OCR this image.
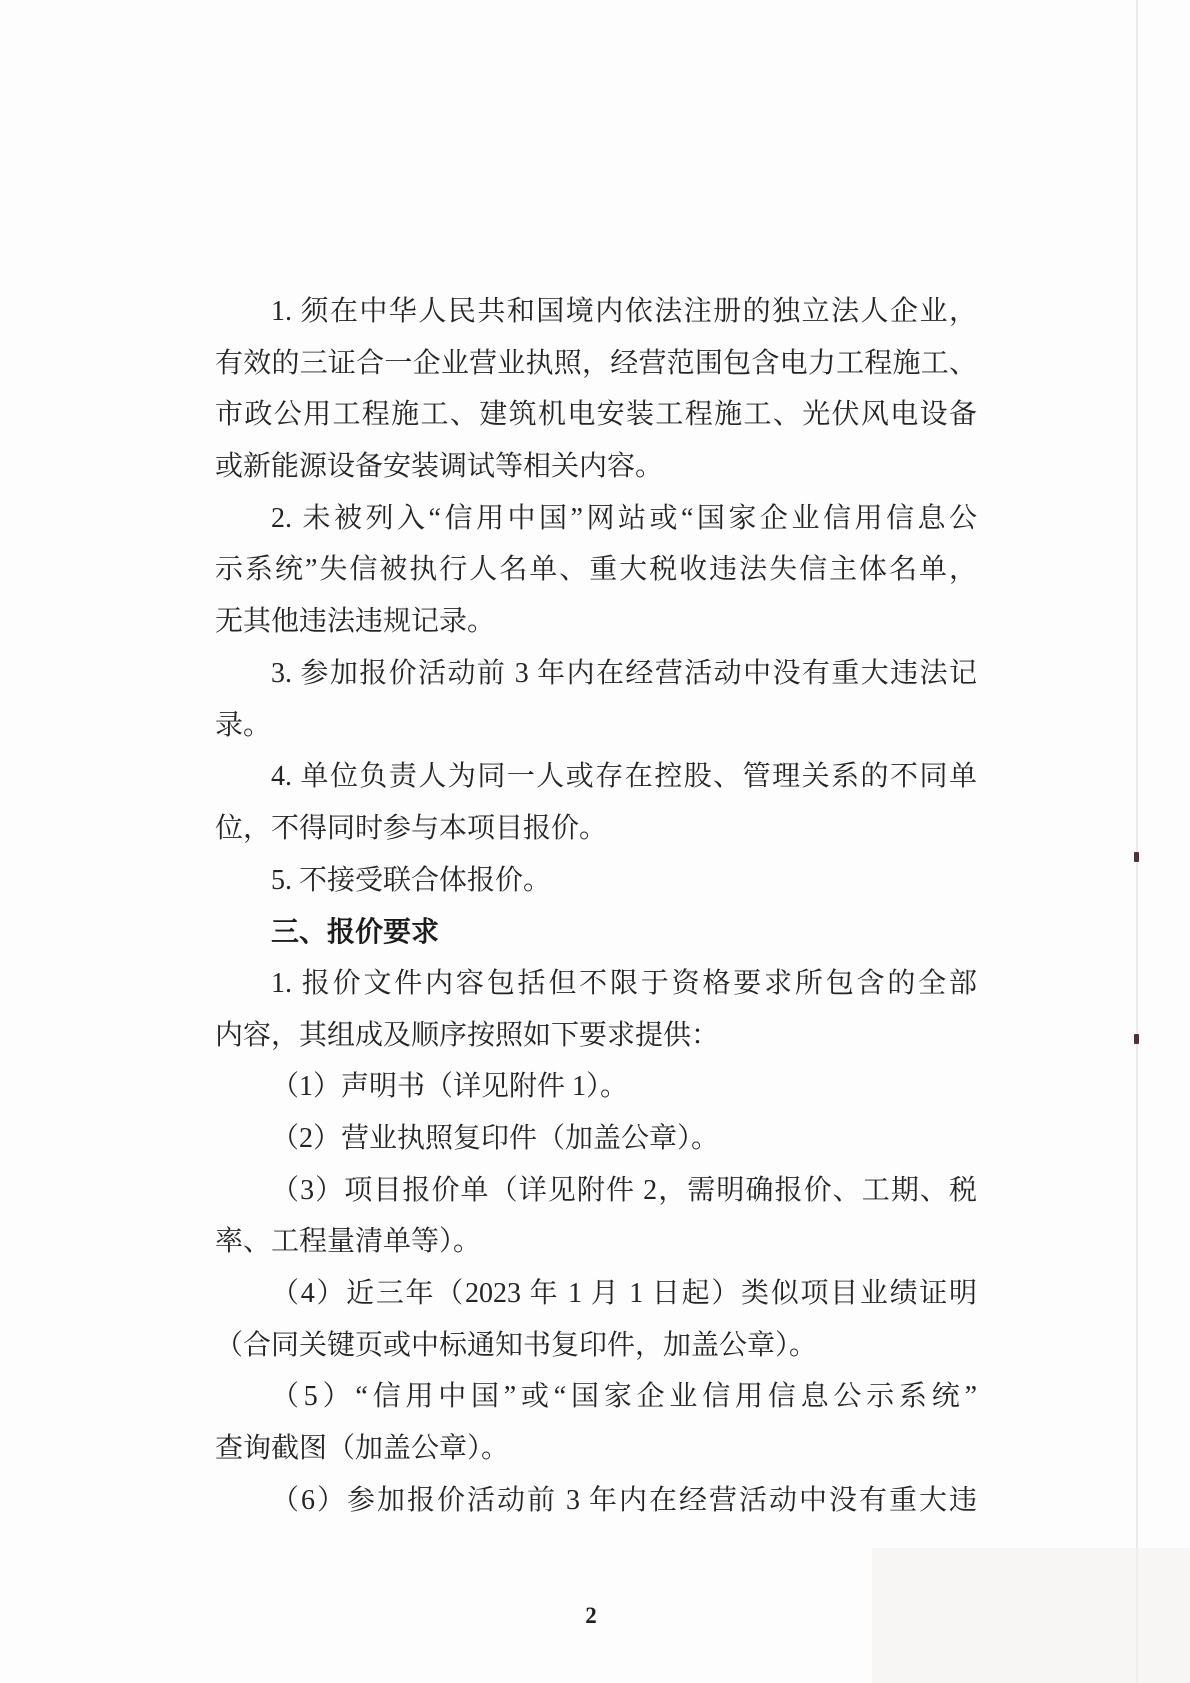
1. 须在中华人民共和国境内依法注册的独立法人企业，
有效的三证合一企业营业执照，经营范围包含电力工程施工、
市政公用工程施工、建筑机电安装工程施工、光伏风电设备
或新能源设备安装调试等相关内容。
2. 未被列入“信用中国”网站或“国家企业信用信息公
示系统”失信被执行人名单、重大税收违法失信主体名单，
无其他违法违规记录。
3. 参加报价活动前 3 年内在经营活动中没有重大违法记
录。
4. 单位负责人为同一人或存在控股、管理关系的不同单
位，不得同时参与本项目报价。
5. 不接受联合体报价。
三、报价要求
1. 报价文件内容包括但不限于资格要求所包含的全部
内容，其组成及顺序按照如下要求提供：
（1）声明书（详见附件 1）。
（2）营业执照复印件（加盖公章）。
（3）项目报价单（详见附件 2，需明确报价、工期、税
率、工程量清单等）。
（4）近三年（2023 年 1 月 1 日起）类似项目业绩证明
（合同关键页或中标通知书复印件，加盖公章）。
（5）“信用中国”或“国家企业信用信息公示系统”
查询截图（加盖公章）。
（6）参加报价活动前 3 年内在经营活动中没有重大违
2
